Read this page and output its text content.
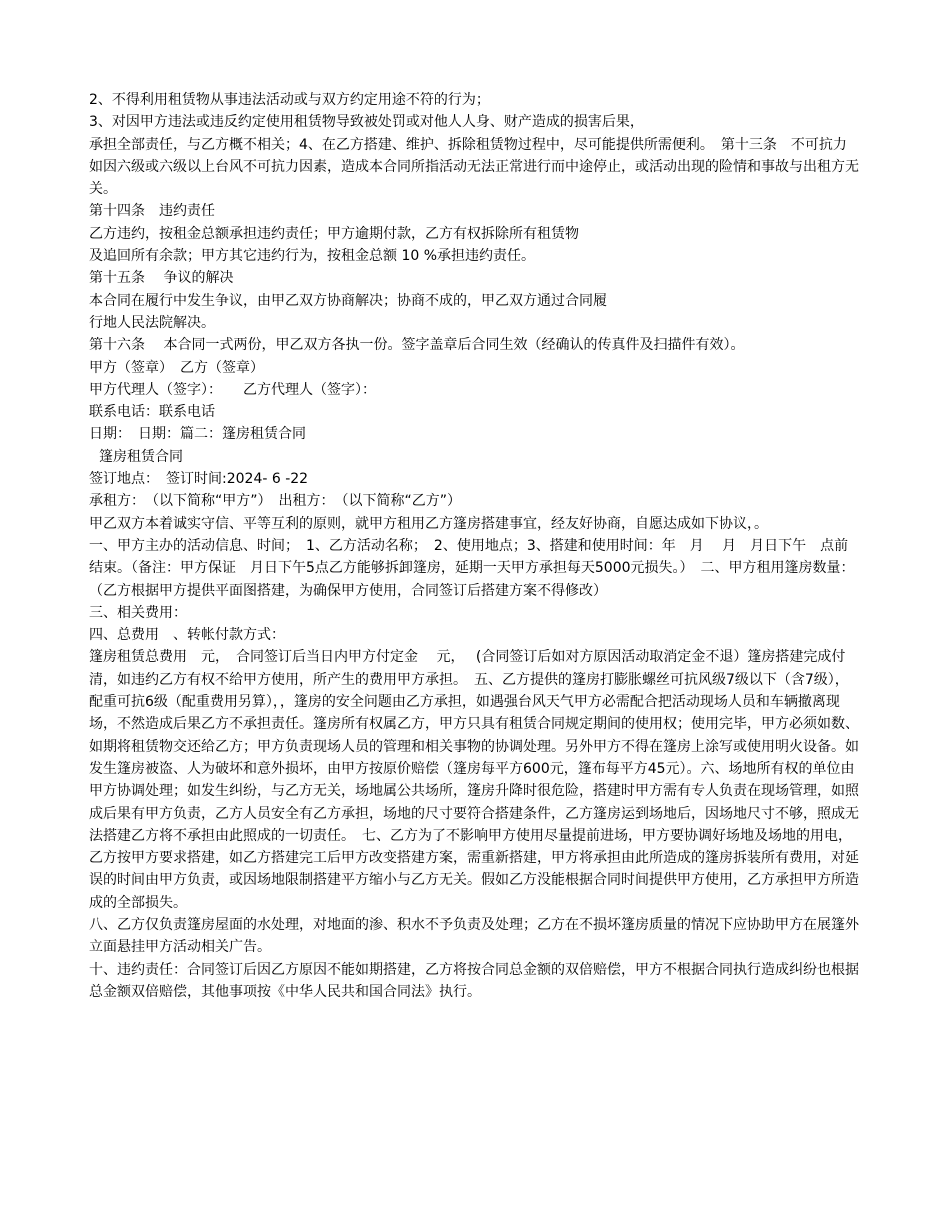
2、不得利用租赁物从事违法活动或与双方约定用途不符的行为；

3、对因甲方违法或违反约定使用租赁物导致被处罚或对他人人身、财产造成的损害后果，

承担全部责任，与乙方概不相关；4、在乙方搭建、维护、拆除租赁物过程中，尽可能提供所需便利。　第十三条　不可抗力

如因六级或六级以上台风不可抗力因素，造成本合同所指活动无法正常进行而中途停止，或活动出现的险情和事故与出租方无关。

第十四条　违约责任

乙方违约，按租金总额承担违约责任；甲方逾期付款，乙方有权拆除所有租赁物

及追回所有余款；甲方其它违约行为，按租金总额 10 %承担违约责任。

第十五条　 争议的解决

本合同在履行中发生争议，由甲乙双方协商解决；协商不成的，甲乙双方通过合同履

行地人民法院解决。

第十六条　 本合同一式两份，甲乙双方各执一份。签字盖章后合同生效（经确认的传真件及扫描件有效）。

甲方（签章）　乙方（签章）

甲方代理人（签字）：　　乙方代理人（签字）：

联系电话：联系电话

日期：　日期：篇二：篷房租赁合同

篷房租赁合同

签订地点：　签订时间:2024- 6 -22

承租方：　（以下简称“甲方”）　出租方：　（以下简称“乙方”）

甲乙双方本着诚实守信、平等互利的原则，就甲方租用乙方篷房搭建事宜，经友好协商，自愿达成如下协议，。

一、甲方主办的活动信息、时间；　1、乙方活动名称；　2、使用地点；3、搭建和使用时间：年　月　 月　月日下午　点前结束。（备注：甲方保证　月日下午5点乙方能够拆卸篷房，延期一天甲方承担每天5000元损失。）　二、甲方租用篷房数量：（乙方根据甲方提供平面图搭建，为确保甲方使用，合同签订后搭建方案不得修改）

三、相关费用：

四、总费用　、转帐付款方式：

篷房租赁总费用　元，　合同签订后当日内甲方付定金　 元，　 (合同签订后如对方原因活动取消定金不退）篷房搭建完成付清，如违约乙方有权不给甲方使用，所产生的费用甲方承担。　五、乙方提供的篷房打膨胀螺丝可抗风级7级以下（含7级），配重可抗6级（配重费用另算），，篷房的安全问题由乙方承担，如遇强台风天气甲方必需配合把活动现场人员和车辆撤离现场，不然造成后果乙方不承担责任。篷房所有权属乙方，甲方只具有租赁合同规定期间的使用权；使用完毕，甲方必须如数、如期将租赁物交还给乙方；甲方负责现场人员的管理和相关事物的协调处理。另外甲方不得在篷房上涂写或使用明火设备。如发生篷房被盗、人为破坏和意外损坏，由甲方按原价赔偿（篷房每平方600元，篷布每平方45元）。六、场地所有权的单位由甲方协调处理；如发生纠纷，与乙方无关，场地属公共场所，篷房升降时很危险，搭建时甲方需有专人负责在现场管理，如照成后果有甲方负责，乙方人员安全有乙方承担，场地的尺寸要符合搭建条件，乙方篷房运到场地后，因场地尺寸不够，照成无法搭建乙方将不承担由此照成的一切责任。　七、乙方为了不影响甲方使用尽量提前进场，甲方要协调好场地及场地的用电，乙方按甲方要求搭建，如乙方搭建完工后甲方改变搭建方案，需重新搭建，甲方将承担由此所造成的篷房拆装所有费用，对延误的时间由甲方负责，或因场地限制搭建平方缩小与乙方无关。假如乙方没能根据合同时间提供甲方使用，乙方承担甲方所造成的全部损失。

八、乙方仅负责篷房屋面的水处理，对地面的渗、积水不予负责及处理；乙方在不损坏篷房质量的情况下应协助甲方在展篷外立面悬挂甲方活动相关广告。

十、违约责任：合同签订后因乙方原因不能如期搭建，乙方将按合同总金额的双倍赔偿，甲方不根据合同执行造成纠纷也根据总金额双倍赔偿，其他事项按《中华人民共和国合同法》执行。
